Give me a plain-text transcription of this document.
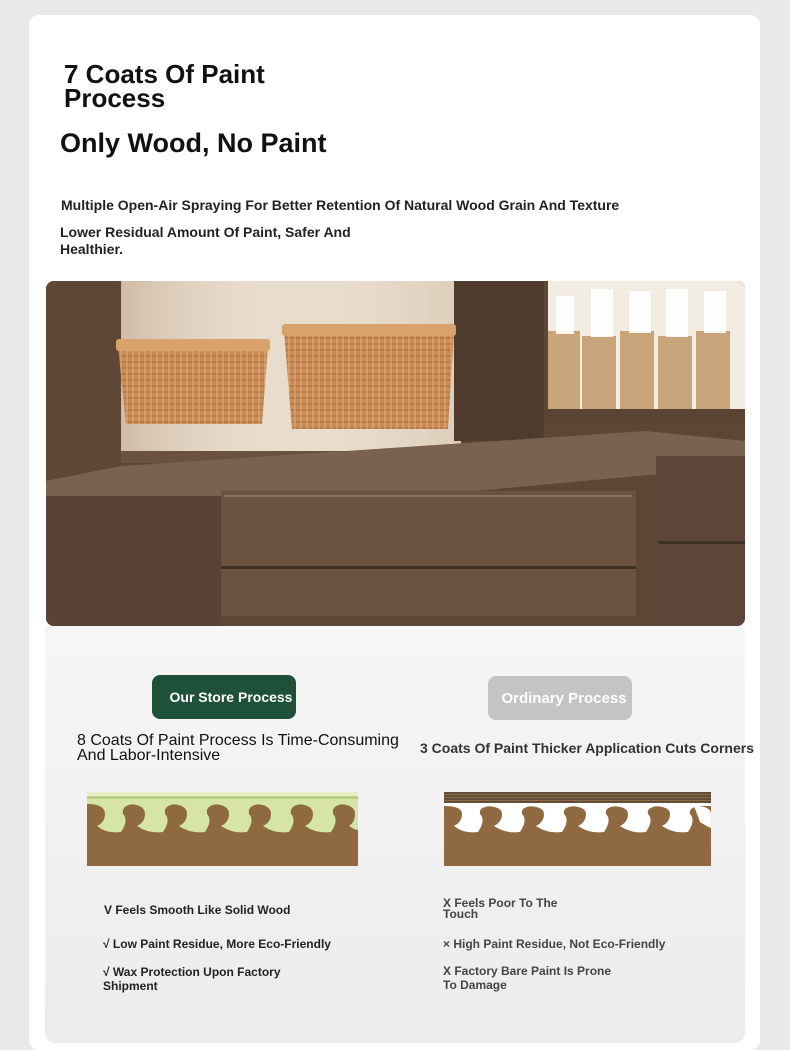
7 Coats Of Paint Process
Only Wood, No Paint
Multiple Open-Air Spraying For Better Retention Of Natural Wood Grain And Texture
Lower Residual Amount Of Paint, Safer And Healthier.
Our Store Process	Ordinary Process
8 Coats Of Paint Process Is Time-Consuming And Labor-Intensive	3 Coats Of Paint Thicker Application Cuts Corners
V Feels Smooth Like Solid Wood
√ Low Paint Residue, More Eco-Friendly
√ Wax Protection Upon Factory Shipment
X Feels Poor To The Touch
× High Paint Residue, Not Eco-Friendly
X Factory Bare Paint Is Prone To Damage
